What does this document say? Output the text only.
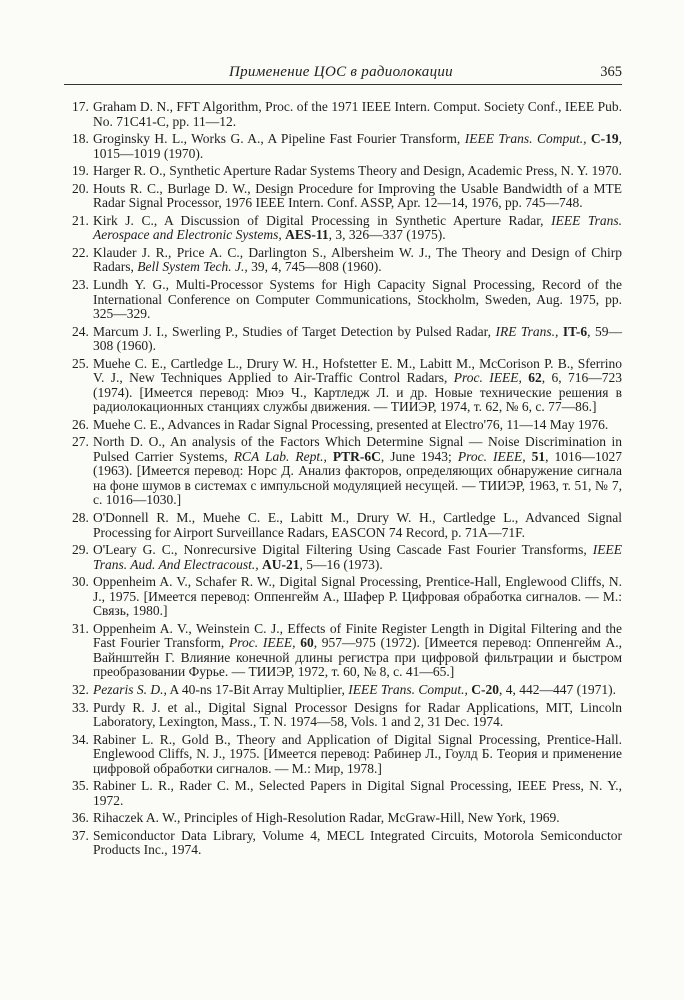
Применение ЦОС в радиолокации	365
17. Graham D. N., FFT Algorithm, Proc. of the 1971 IEEE Intern. Comput. Society Conf., IEEE Pub. No. 71C41-C, pp. 11—12.
18. Groginsky H. L., Works G. A., A Pipeline Fast Fourier Transform, IEEE Trans. Comput., C-19, 1015—1019 (1970).
19. Harger R. O., Synthetic Aperture Radar Systems Theory and Design, Academic Press, N. Y. 1970.
20. Houts R. C., Burlage D. W., Design Procedure for Improving the Usable Bandwidth of a MTE Radar Signal Processor, 1976 IEEE Intern. Conf. ASSP, Apr. 12—14, 1976, pp. 745—748.
21. Kirk J. C., A Discussion of Digital Processing in Synthetic Aperture Radar, IEEE Trans. Aerospace and Electronic Systems, AES-11, 3, 326—337 (1975).
22. Klauder J. R., Price A. C., Darlington S., Albersheim W. J., The Theory and Design of Chirp Radars, Bell System Tech. J., 39, 4, 745—808 (1960).
23. Lundh Y. G., Multi-Processor Systems for High Capacity Signal Processing, Record of the International Conference on Computer Communications, Stockholm, Sweden, Aug. 1975, pp. 325—329.
24. Marcum J. I., Swerling P., Studies of Target Detection by Pulsed Radar, IRE Trans., IT-6, 59—308 (1960).
25. Muehe C. E., Cartledge L., Drury W. H., Hofstetter E. M., Labitt M., McCorison P. B., Sferrino V. J., New Techniques Applied to Air-Traffic Control Radars, Proc. IEEE, 62, 6, 716—723 (1974). [Имеется перевод: Мюэ Ч., Картледж Л. и др. Новые технические решения в радиолокационных станциях службы движения. — ТИИЭР, 1974, т. 62, № 6, с. 77—86.]
26. Muehe C. E., Advances in Radar Signal Processing, presented at Electro'76, 11—14 May 1976.
27. North D. O., An analysis of the Factors Which Determine Signal — Noise Discrimination in Pulsed Carrier Systems, RCA Lab. Rept., PTR-6C, June 1943; Proc. IEEE, 51, 1016—1027 (1963). [Имеется перевод: Норс Д. Анализ факторов, определяющих обнаружение сигнала на фоне шумов в системах с импульсной модуляцией несущей. — ТИИЭР, 1963, т. 51, № 7, с. 1016—1030.]
28. O'Donnell R. M., Muehe C. E., Labitt M., Drury W. H., Cartledge L., Advanced Signal Processing for Airport Surveillance Radars, EASCON 74 Record, p. 71A—71F.
29. O'Leary G. C., Nonrecursive Digital Filtering Using Cascade Fast Fourier Transforms, IEEE Trans. Aud. And Electracoust., AU-21, 5—16 (1973).
30. Oppenheim A. V., Schafer R. W., Digital Signal Processing, Prentice-Hall, Englewood Cliffs, N. J., 1975. [Имеется перевод: Оппенгейм А., Шафер Р. Цифровая обработка сигналов. — М.: Связь, 1980.]
31. Oppenheim A. V., Weinstein C. J., Effects of Finite Register Length in Digital Filtering and the Fast Fourier Transform, Proc. IEEE, 60, 957—975 (1972). [Имеется перевод: Оппенгейм А., Вайнштейн Г. Влияние конечной длины регистра при цифровой фильтрации и быстром преобразовании Фурье. — ТИИЭР, 1972, т. 60, № 8, с. 41—65.]
32. Pezaris S. D., A 40-ns 17-Bit Array Multiplier, IEEE Trans. Comput., C-20, 4, 442—447 (1971).
33. Purdy R. J. et al., Digital Signal Processor Designs for Radar Applications, MIT, Lincoln Laboratory, Lexington, Mass., T. N. 1974—58, Vols. 1 and 2, 31 Dec. 1974.
34. Rabiner L. R., Gold B., Theory and Application of Digital Signal Processing, Prentice-Hall. Englewood Cliffs, N. J., 1975. [Имеется перевод: Рабинер Л., Гоулд Б. Теория и применение цифровой обработки сигналов. — М.: Мир, 1978.]
35. Rabiner L. R., Rader C. M., Selected Papers in Digital Signal Processing, IEEE Press, N. Y., 1972.
36. Rihaczek A. W., Principles of High-Resolution Radar, McGraw-Hill, New York, 1969.
37. Semiconductor Data Library, Volume 4, MECL Integrated Circuits, Motorola Semiconductor Products Inc., 1974.
